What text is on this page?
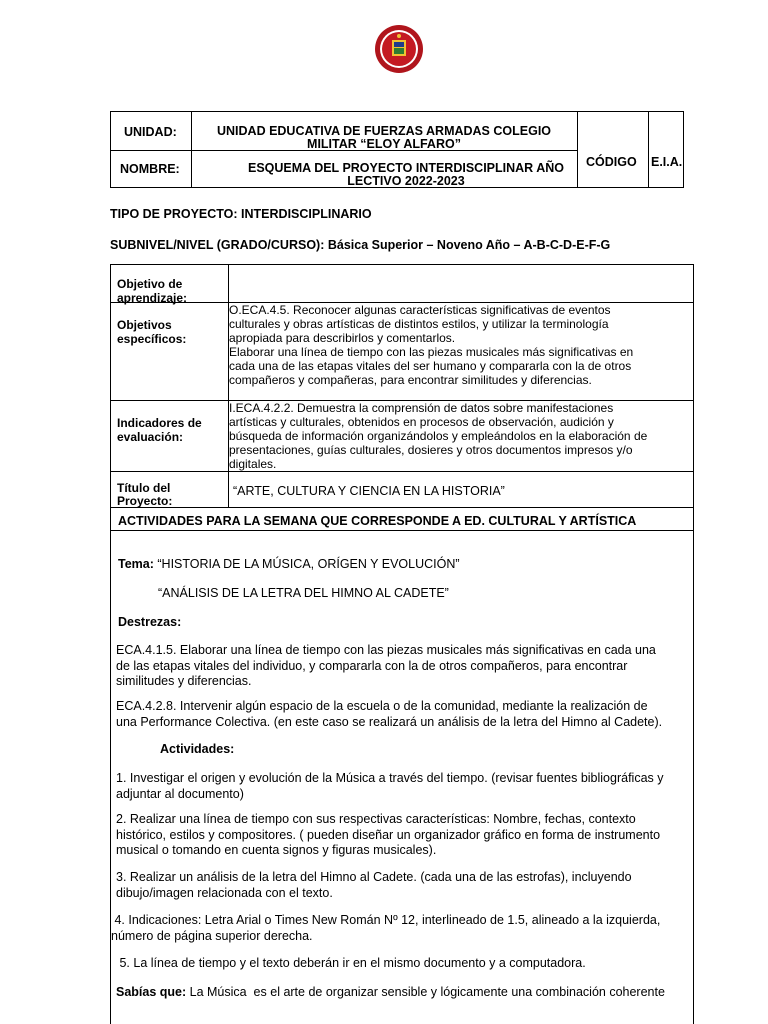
UNIDAD:	UNIDAD EDUCATIVA DE FUERZAS ARMADAS COLEGIO
MILITAR “ELOY ALFARO”
NOMBRE:	ESQUEMA DEL PROYECTO INTERDISCIPLINAR AÑO
LECTIVO 2022-2023
CÓDIGO E.I.A.
TIPO DE PROYECTO: INTERDISCIPLINARIO
SUBNIVEL/NIVEL (GRADO/CURSO): Básica Superior – Noveno Año – A-B-C-D-E-F-G
Objetivo de
aprendizaje:
Objetivos
específicos:
O.ECA.4.5. Reconocer algunas características significativas de eventos
culturales y obras artísticas de distintos estilos, y utilizar la terminología
apropiada para describirlos y comentarlos.
Elaborar una línea de tiempo con las piezas musicales más significativas en
cada una de las etapas vitales del ser humano y compararla con la de otros
compañeros y compañeras, para encontrar similitudes y diferencias.
Indicadores de
evaluación:
I.ECA.4.2.2. Demuestra la comprensión de datos sobre manifestaciones
artísticas y culturales, obtenidos en procesos de observación, audición y
búsqueda de información organizándolos y empleándolos en la elaboración de
presentaciones, guías culturales, dosieres y otros documentos impresos y/o
digitales.
Título del
Proyecto:
“ARTE, CULTURA Y CIENCIA EN LA HISTORIA”
ACTIVIDADES PARA LA SEMANA QUE CORRESPONDE A ED. CULTURAL Y ARTÍSTICA
Tema: “HISTORIA DE LA MÚSICA, ORÍGEN Y EVOLUCIÓN”
“ANÁLISIS DE LA LETRA DEL HIMNO AL CADETE”
Destrezas:
ECA.4.1.5. Elaborar una línea de tiempo con las piezas musicales más significativas en cada una
de las etapas vitales del individuo, y compararla con la de otros compañeros, para encontrar
similitudes y diferencias.
ECA.4.2.8. Intervenir algún espacio de la escuela o de la comunidad, mediante la realización de
una Performance Colectiva. (en este caso se realizará un análisis de la letra del Himno al Cadete).
Actividades:
1. Investigar el origen y evolución de la Música a través del tiempo. (revisar fuentes bibliográficas y
adjuntar al documento)
2. Realizar una línea de tiempo con sus respectivas características: Nombre, fechas, contexto
histórico, estilos y compositores. ( pueden diseñar un organizador gráfico en forma de instrumento
musical o tomando en cuenta signos y figuras musicales).
3. Realizar un análisis de la letra del Himno al Cadete. (cada una de las estrofas), incluyendo
dibujo/imagen relacionada con el texto.
4. Indicaciones: Letra Arial o Times New Román Nº 12, interlineado de 1.5, alineado a la izquierda,
número de página superior derecha.
5. La línea de tiempo y el texto deberán ir en el mismo documento y a computadora.
Sabías que: La Música  es el arte de organizar sensible y lógicamente una combinación coherente
